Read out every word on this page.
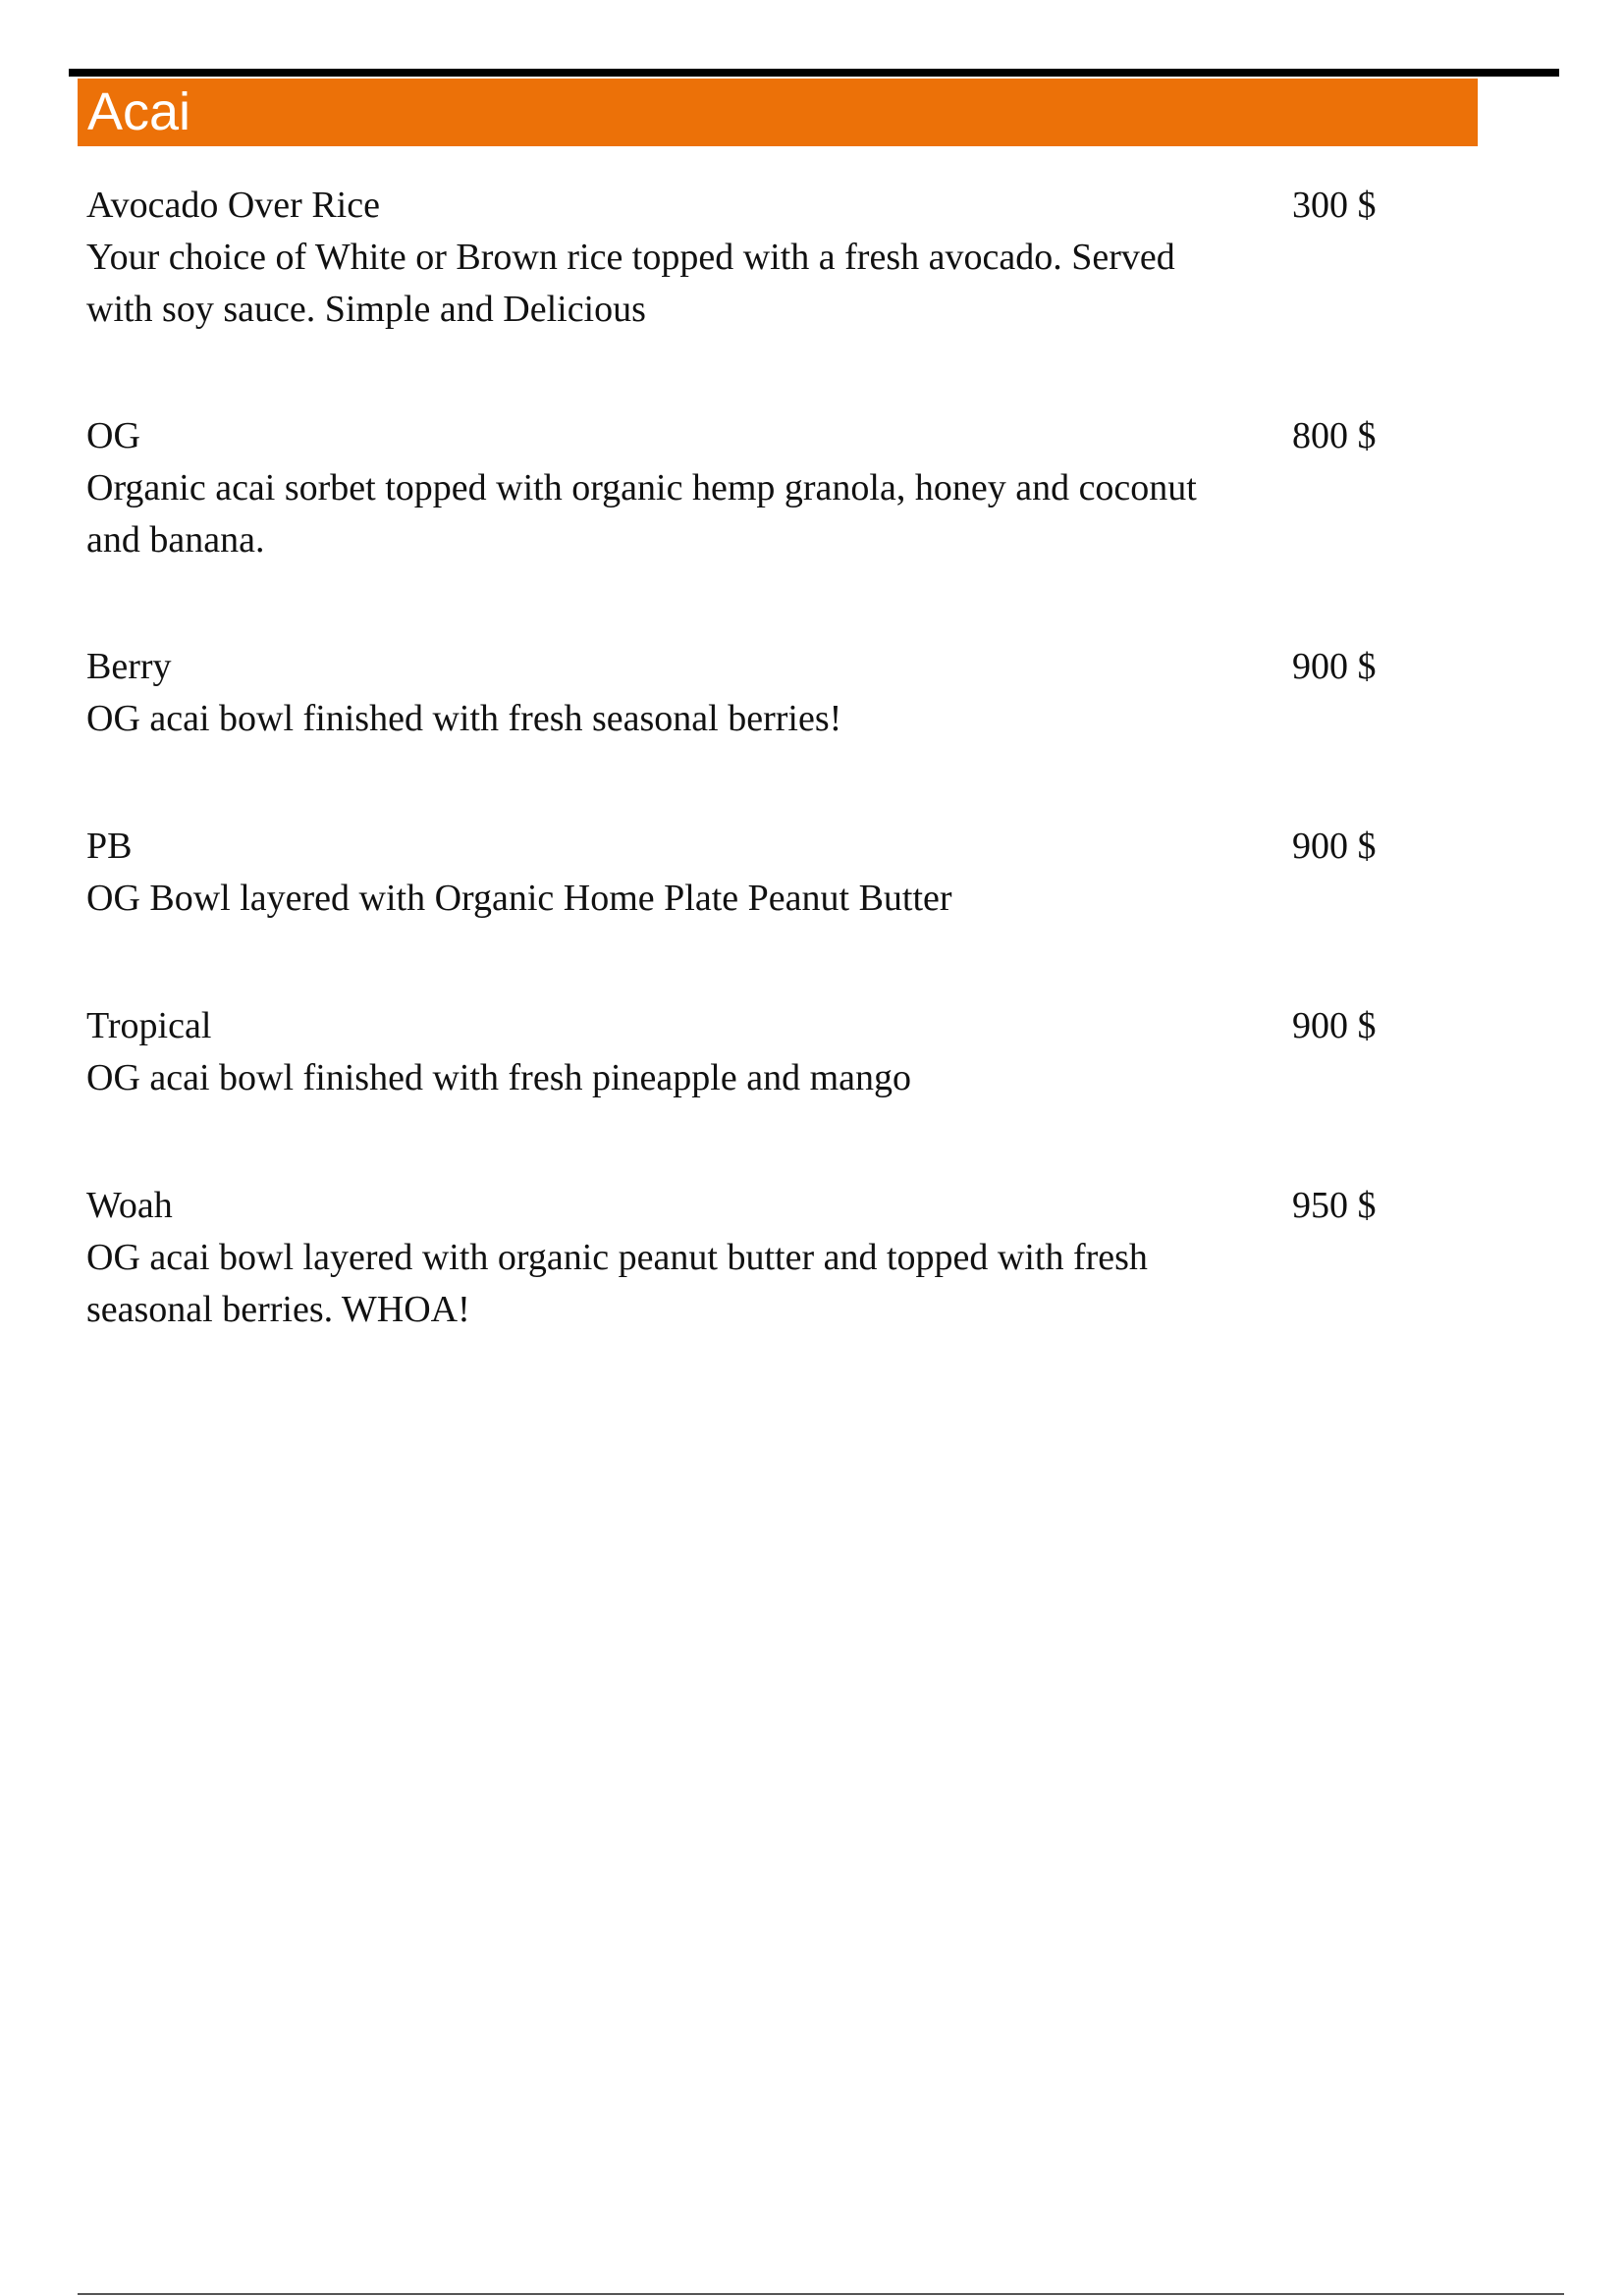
Acai
Avocado Over Rice
Your choice of White or Brown rice topped with a fresh avocado. Served with soy sauce. Simple and Delicious
300 $
OG
Organic acai sorbet topped with organic hemp granola, honey and coconut and banana.
800 $
Berry
OG acai bowl finished with fresh seasonal berries!
900 $
PB
OG Bowl layered with Organic Home Plate Peanut Butter
900 $
Tropical
OG acai bowl finished with fresh pineapple and mango
900 $
Woah
OG acai bowl layered with organic peanut butter and topped with fresh seasonal berries. WHOA!
950 $
